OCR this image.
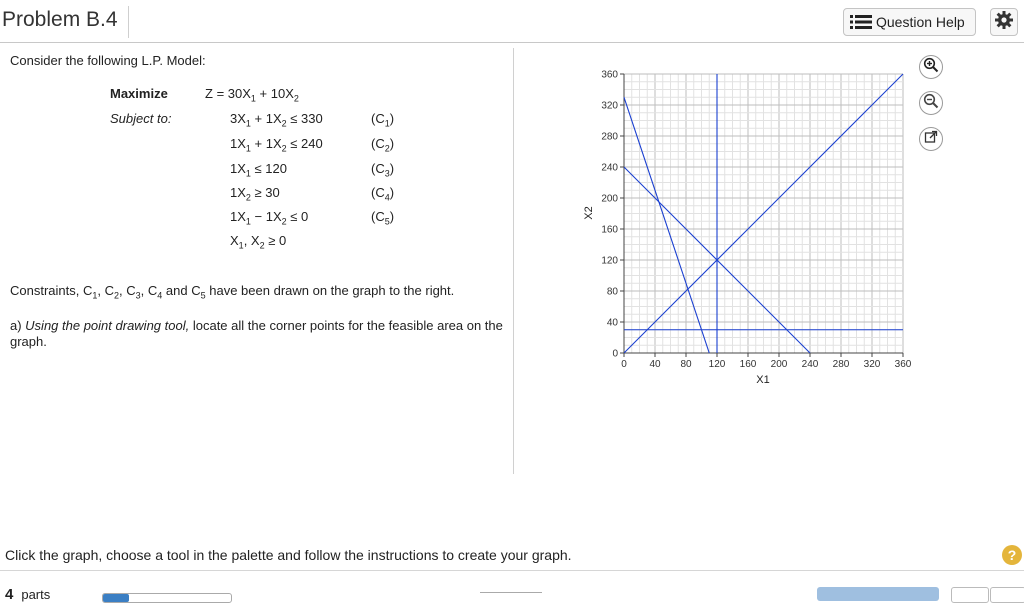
Problem B.4	Question Help
Consider the following L.P. Model:
Maximize
Subject to:
$Z = 30X_1 + 10X_2$
$3X_1 + 1X_2 \le 330$
$1X_1 + 1X_2 \le 240$
$1X_1 \le 120$
$1X_2 \ge 30$
$1X_1 - 1X_2 \le 0$
$X_1$, $X_2 \ge 0$
$(C_1)$
$(C_2)$
$(C_3)$
$(C_4)$
$(C_5)$
Constraints, $C_1$, $C_2$, $C_3$, $C_4$ and $C_5$ have been drawn on the graph to the right.
a) Using the point drawing tool, locate all the corner points for the feasible area on the graph.
0 40 80 120 160 200 240 280 320 360
0
40
80
120
160
200
240
280
320
360
X1
X2
Click the graph, choose a tool in the palette and follow the instructions to create your graph.	?
4 parts
